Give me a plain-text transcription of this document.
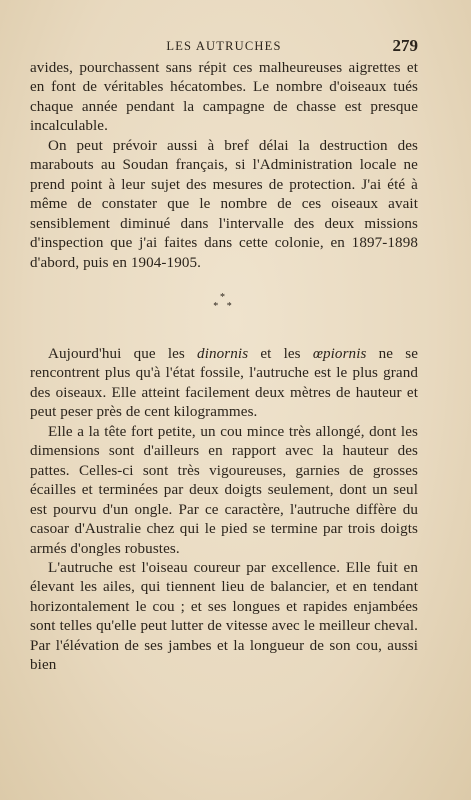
LES AUTRUCHES	279

avides, pourchassent sans répit ces malheureuses aigrettes et en font de véritables hécatombes. Le nombre d'oiseaux tués chaque année pendant la campagne de chasse est presque incalculable.

On peut prévoir aussi à bref délai la destruction des marabouts au Soudan français, si l'Administration locale ne prend point à leur sujet des mesures de protection. J'ai été à même de constater que le nombre de ces oiseaux avait sensiblement diminué dans l'intervalle des deux missions d'inspection que j'ai faites dans cette colonie, en 1897-1898 d'abord, puis en 1904-1905.

*
* *

Aujourd'hui que les dinornis et les œpiornis ne se rencontrent plus qu'à l'état fossile, l'autruche est le plus grand des oiseaux. Elle atteint facilement deux mètres de hauteur et peut peser près de cent kilogrammes.

Elle a la tête fort petite, un cou mince très allongé, dont les dimensions sont d'ailleurs en rapport avec la hauteur des pattes. Celles-ci sont très vigoureuses, garnies de grosses écailles et terminées par deux doigts seulement, dont un seul est pourvu d'un ongle. Par ce caractère, l'autruche diffère du casoar d'Australie chez qui le pied se termine par trois doigts armés d'ongles robustes.

L'autruche est l'oiseau coureur par excellence. Elle fuit en élevant les ailes, qui tiennent lieu de balancier, et en tendant horizontalement le cou ; et ses longues et rapides enjambées sont telles qu'elle peut lutter de vitesse avec le meilleur cheval. Par l'élévation de ses jambes et la longueur de son cou, aussi bien
